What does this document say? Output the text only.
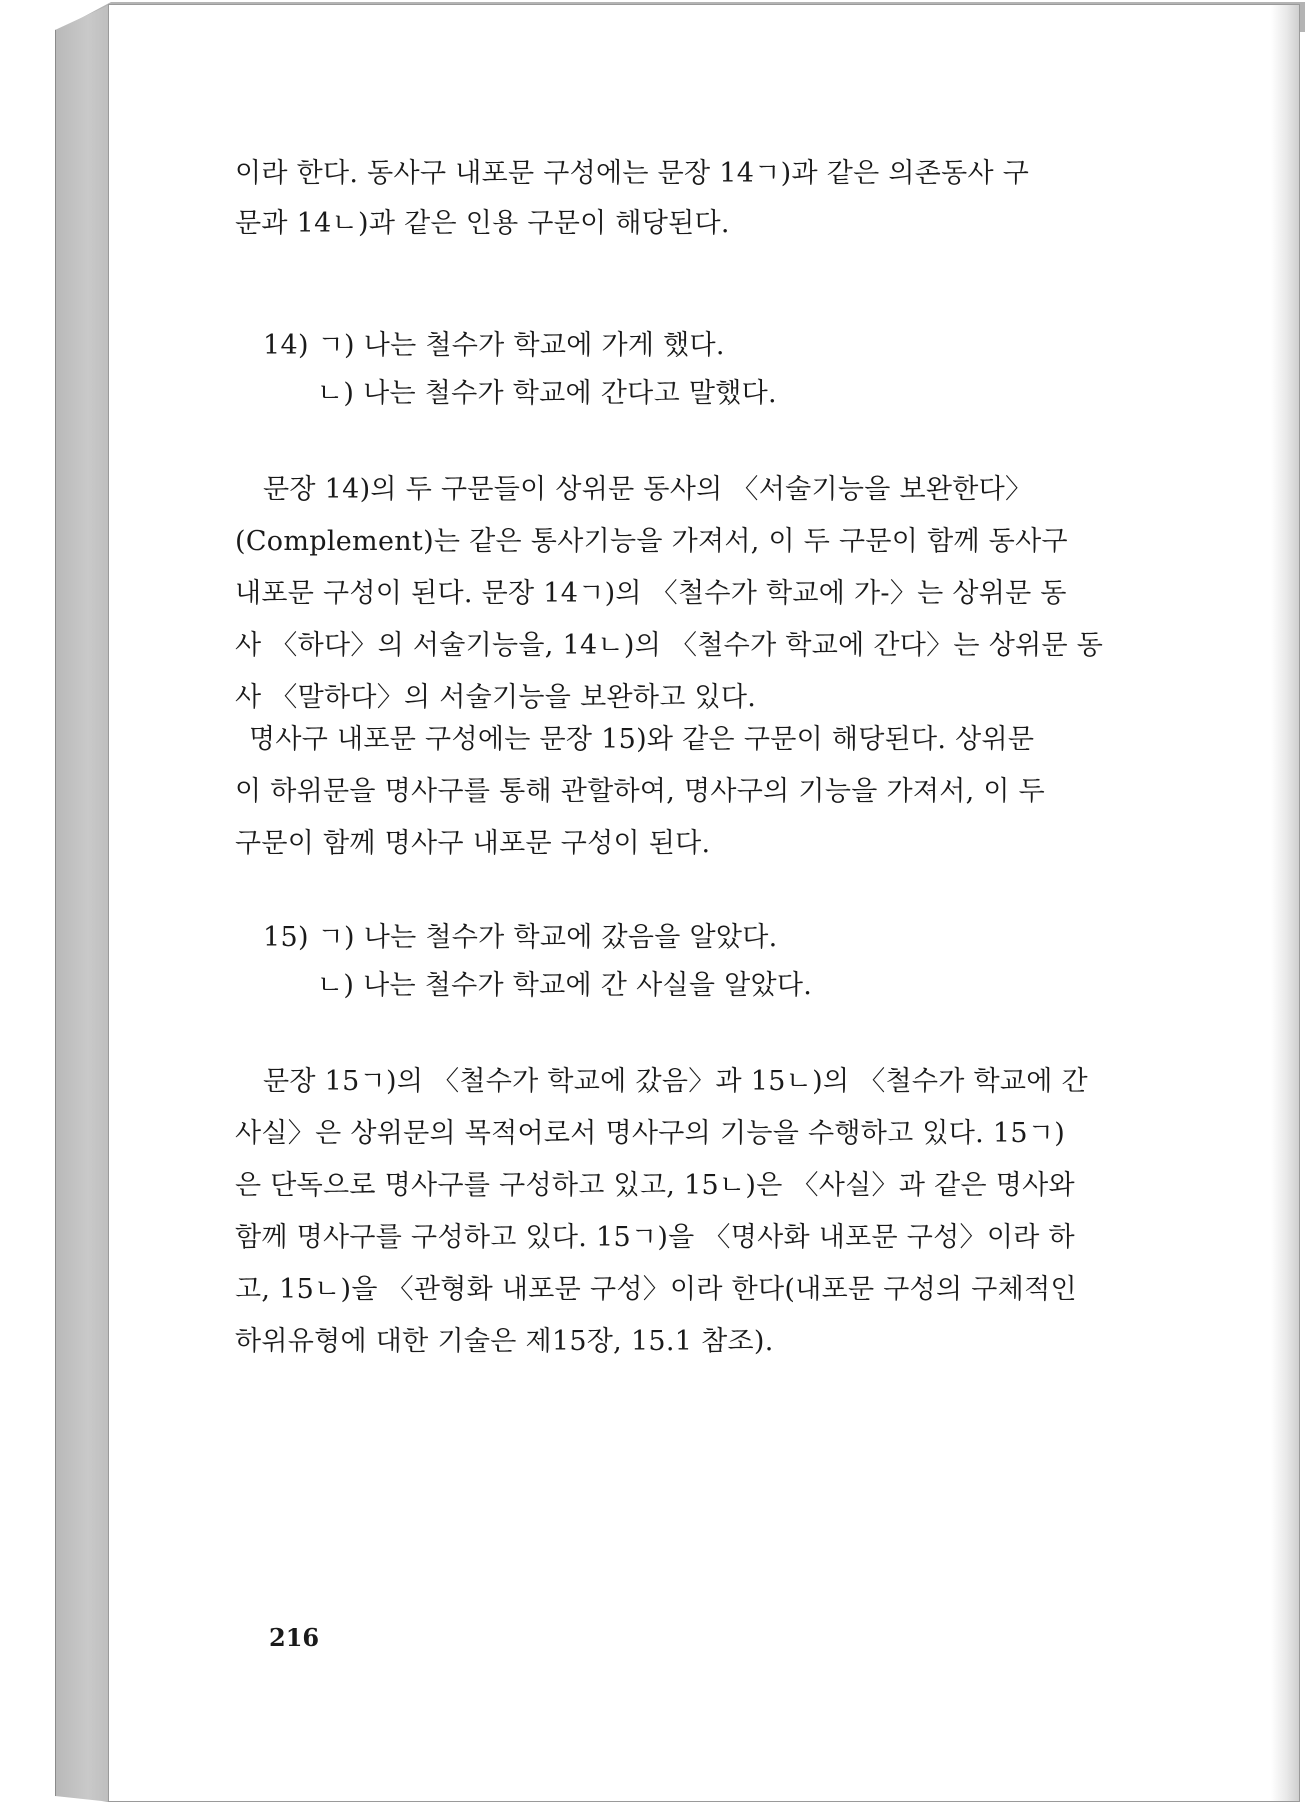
이라 한다. 동사구 내포문 구성에는 문장 14ㄱ)과 같은 의존동사 구

문과 14ㄴ)과 같은 인용 구문이 해당된다.

14) ㄱ) 나는 철수가 학교에 가게 했다.

ㄴ) 나는 철수가 학교에 간다고 말했다.

문장 14)의 두 구문들이 상위문 동사의 〈서술기능을 보완한다〉

(Complement)는 같은 통사기능을 가져서, 이 두 구문이 함께 동사구

내포문 구성이 된다. 문장 14ㄱ)의 〈철수가 학교에 가-〉는 상위문 동

사 〈하다〉의 서술기능을, 14ㄴ)의 〈철수가 학교에 간다〉는 상위문 동

사 〈말하다〉의 서술기능을 보완하고 있다.

명사구 내포문 구성에는 문장 15)와 같은 구문이 해당된다. 상위문

이 하위문을 명사구를 통해 관할하여, 명사구의 기능을 가져서, 이 두

구문이 함께 명사구 내포문 구성이 된다.

15) ㄱ) 나는 철수가 학교에 갔음을 알았다.

ㄴ) 나는 철수가 학교에 간 사실을 알았다.

문장 15ㄱ)의 〈철수가 학교에 갔음〉과 15ㄴ)의 〈철수가 학교에 간

사실〉은 상위문의 목적어로서 명사구의 기능을 수행하고 있다. 15ㄱ)

은 단독으로 명사구를 구성하고 있고, 15ㄴ)은 〈사실〉과 같은 명사와

함께 명사구를 구성하고 있다. 15ㄱ)을 〈명사화 내포문 구성〉이라 하

고, 15ㄴ)을 〈관형화 내포문 구성〉이라 한다(내포문 구성의 구체적인

하위유형에 대한 기술은 제15장, 15.1 참조).

216
